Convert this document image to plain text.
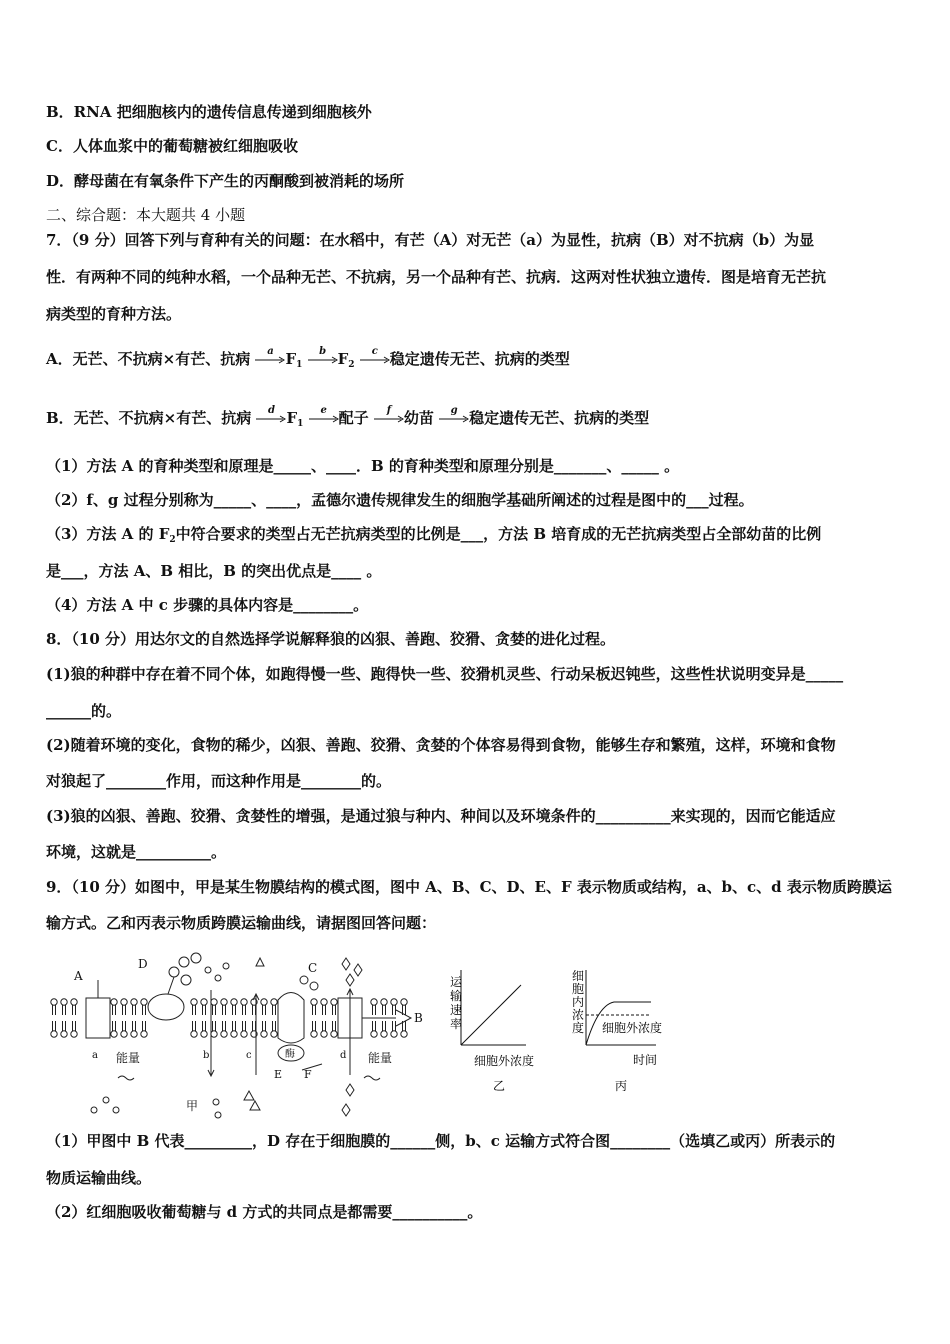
B．RNA 把细胞核内的遗传信息传递到细胞核外
C．人体血浆中的葡萄糖被红细胞吸收
D．酵母菌在有氧条件下产生的丙酮酸到被消耗的场所
二、综合题：本大题共 4 小题
7．（9 分）回答下列与育种有关的问题：在水稻中，有芒（A）对无芒（a）为显性，抗病（B）对不抗病（b）为显
性．有两种不同的纯种水稻，一个品种无芒、不抗病，另一个品种有芒、抗病．这两对性状独立遗传．图是培育无芒抗
病类型的育种方法。
A．无芒、不抗病×有芒、抗病	a $F_1$
b $F_2$
c 稳定遗传无芒、抗病的类型
B．无芒、不抗病×有芒、抗病	d $F_1$
e 配子	f 幼苗	g 稳定遗传无芒、抗病的类型
（1）方法 A 的育种类型和原理是_____、____．B 的育种类型和原理分别是_______、_____ 。
（2）f、g 过程分别称为_____、____，孟德尔遗传规律发生的细胞学基础所阐述的过程是图中的___过程。
（3）方法 A 的 $F_2$中符合要求的类型占无芒抗病类型的比例是___，方法 B 培育成的无芒抗病类型占全部幼苗的比例
是___，方法 A、B 相比，B 的突出优点是____ 。
（4）方法 A 中 c 步骤的具体内容是________。
8．（10 分）用达尔文的自然选择学说解释狼的凶狠、善跑、狡猾、贪婪的进化过程。
(1)狼的种群中存在着不同个体，如跑得慢一些、跑得快一些、狡猾机灵些、行动呆板迟钝些，这些性状说明变异是_____
______的。
(2)随着环境的变化，食物的稀少，凶狠、善跑、狡猾、贪婪的个体容易得到食物，能够生存和繁殖，这样，环境和食物
对狼起了________作用，而这种作用是________的。
(3)狼的凶狠、善跑、狡猾、贪婪性的增强，是通过狼与种内、种间以及环境条件的__________来实现的，因而它能适应
环境，这就是__________。
9．（10 分）如图中，甲是某生物膜结构的模式图，图中 A、B、C、D、E、F 表示物质或结构，a、b、c、d 表示物质跨膜运
输方式。乙和丙表示物质跨膜运输曲线，请据图回答问题：
A
D	C
B
a	b	c	d
能量	能量
酶
E F
甲
运
输
速
率
细胞外浓度
乙
细
胞
内
浓
度 细胞外浓度
时间
丙
（1）甲图中 B 代表_________，D 存在于细胞膜的______侧，b、c 运输方式符合图________（选填乙或丙）所表示的
物质运输曲线。
（2）红细胞吸收葡萄糖与 d 方式的共同点是都需要__________。
